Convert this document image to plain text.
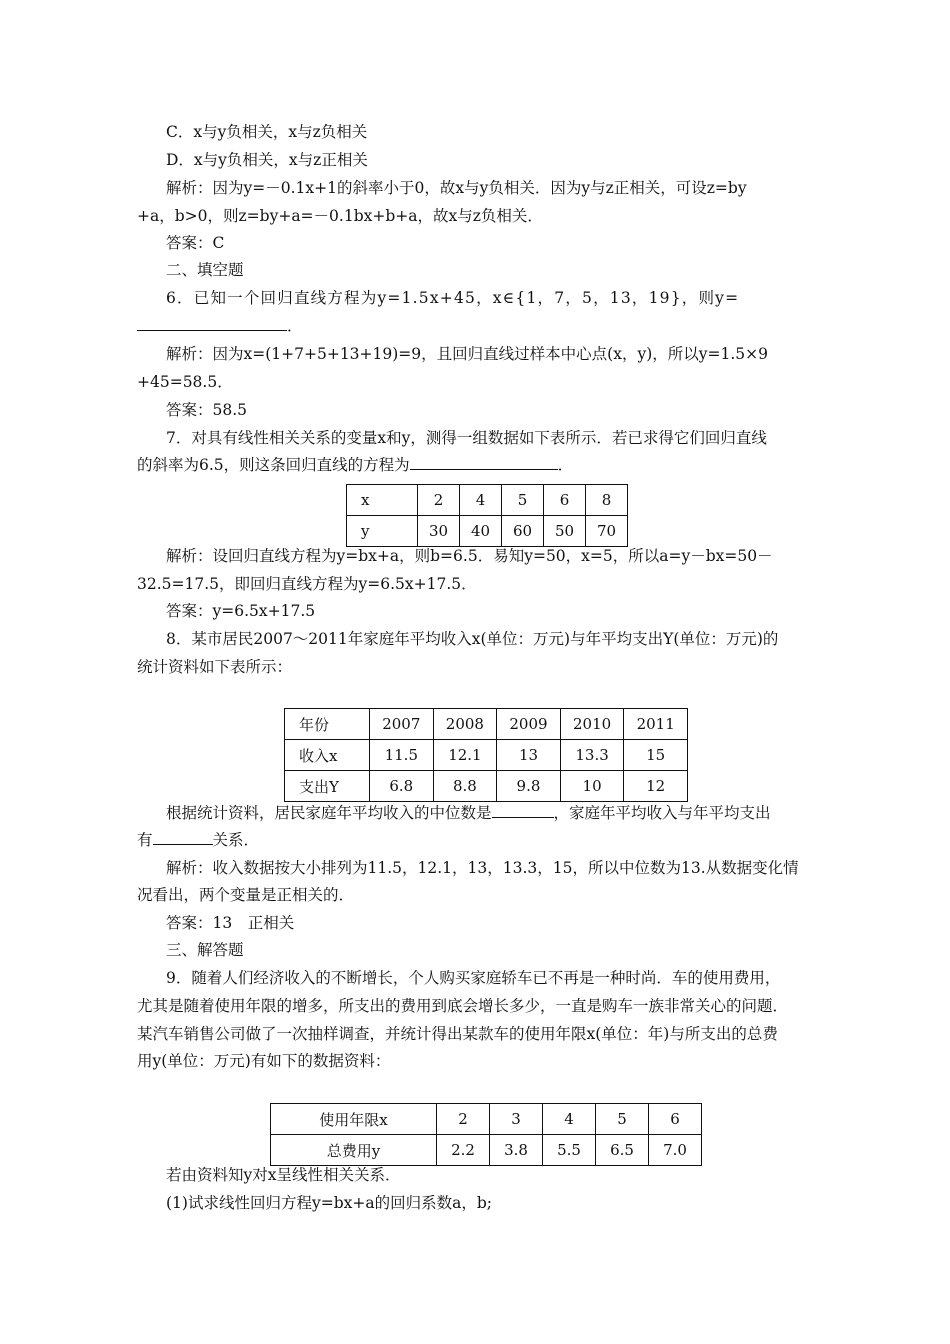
C．x与y负相关，x与z负相关
D．x与y负相关，x与z正相关
解析：因为y=－0.1x+1的斜率小于0，故x与y负相关．因为y与z正相关，可设z=by
+a，b>0，则z=by+a=－0.1bx+b+a，故x与z负相关．
答案：C
二、填空题
6．已知一个回归直线方程为y=1.5x+45，x∈{1，7，5，13，19}，则y=
．
解析：因为x=(1+7+5+13+19)=9，且回归直线过样本中心点(x，y)，所以y=1.5×9
+45=58.5．
答案：58.5
7．对具有线性相关关系的变量x和y，测得一组数据如下表所示．若已求得它们回归直线
的斜率为6.5，则这条回归直线的方程为	．
x	2	4	5	6	8
y	30	40	60	50	70
解析：设回归直线方程为y=bx+a，则b=6.5．易知y=50，x=5，所以a=y－bx=50－
32.5=17.5，即回归直线方程为y=6.5x+17.5．
答案：y=6.5x+17.5
8．某市居民2007～2011年家庭年平均收入x(单位：万元)与年平均支出Y(单位：万元)的
统计资料如下表所示：
年份	2007	2008	2009	2010	2011
收入x	11.5	12.1	13	13.3	15
支出Y	6.8	8.8	9.8	10	12
根据统计资料，居民家庭年平均收入的中位数是	，家庭年平均收入与年平均支出
有	关系．
解析：收入数据按大小排列为11.5，12.1，13，13.3，15，所以中位数为13.从数据变化情
况看出，两个变量是正相关的．
答案：13　正相关
三、解答题
9．随着人们经济收入的不断增长，个人购买家庭轿车已不再是一种时尚．车的使用费用，
尤其是随着使用年限的增多，所支出的费用到底会增长多少，一直是购车一族非常关心的问题．
某汽车销售公司做了一次抽样调查，并统计得出某款车的使用年限x(单位：年)与所支出的总费
用y(单位：万元)有如下的数据资料：
使用年限x	2	3	4	5	6
总费用y	2.2	3.8	5.5	6.5	7.0
若由资料知y对x呈线性相关关系．
(1)试求线性回归方程y=bx+a的回归系数a，b;
